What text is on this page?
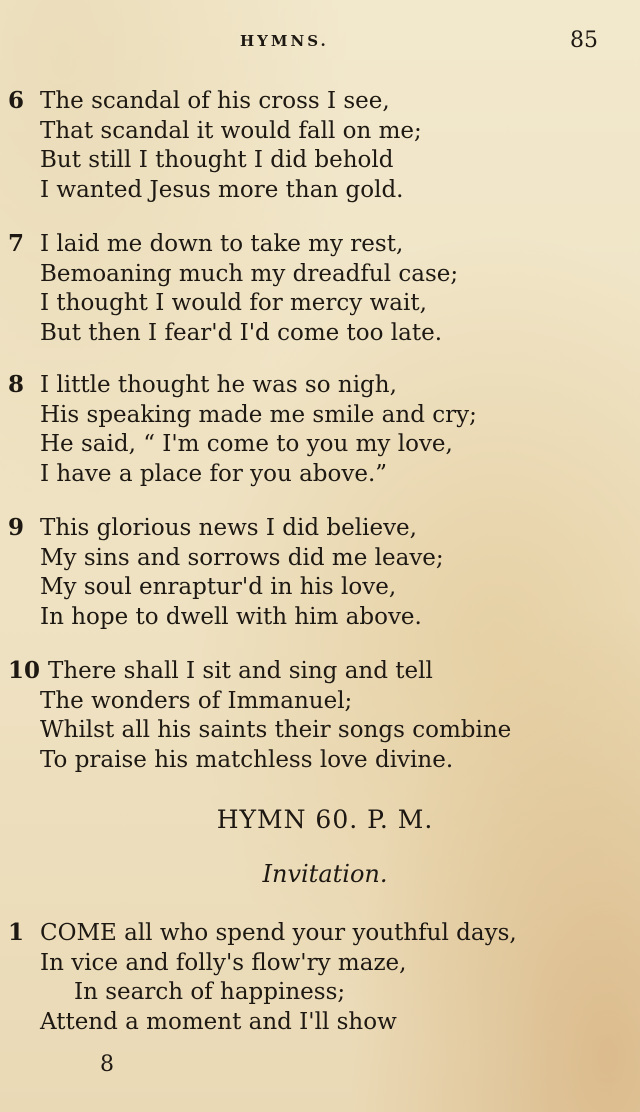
HYMNS.	85
6 The scandal of his cross I see,
That scandal it would fall on me;
But still I thought I did behold
I wanted Jesus more than gold.
7 I laid me down to take my rest,
Bemoaning much my dreadful case;
I thought I would for mercy wait,
But then I fear'd I'd come too late.
8 I little thought he was so nigh,
His speaking made me smile and cry;
He said, “ I'm come to you my love,
I have a place for you above.”
9 This glorious news I did believe,
My sins and sorrows did me leave;
My soul enraptur'd in his love,
In hope to dwell with him above.
10 There shall I sit and sing and tell
The wonders of Immanuel;
Whilst all his saints their songs combine
To praise his matchless love divine.
HYMN 60. P. M.
Invitation.
1 COME all who spend your youthful days,
In vice and folly's flow'ry maze,
In search of happiness;
Attend a moment and I'll show
8
